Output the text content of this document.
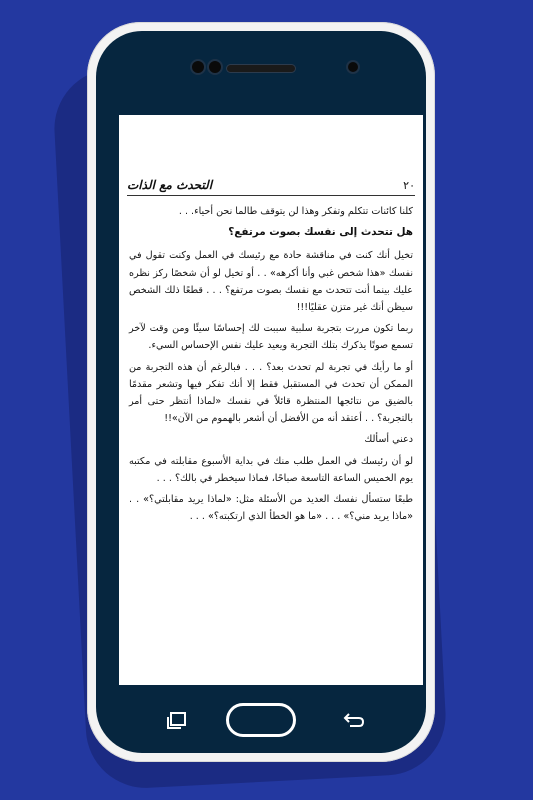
٢٠
التحدث مع الذات

كلنا كائنات تتكلم وتفكر وهذا لن يتوقف طالما نحن أحياء. . .

هل تتحدث إلى نفسك بصوت مرتفع؟

تخيل أنك كنت في مناقشة حادة مع رئيسك في العمل وكنت تقول في نفسك «هذا شخص غبي وأنا أكرهه» . . أو تخيل لو أن شخصًا ركز نظره عليك بينما أنت تتحدث مع نفسك بصوت مرتفع؟ . . . قطعًا ذلك الشخص سيظن أنك غير متزن عقليًا!!!

ربما تكون مررت بتجربة سلبية سببت لك إحساسًا سيئًا ومن وقت لآخر تسمع صوتًا يذكرك بتلك التجربة ويعيد عليك نفس الإحساس السيء.

أو ما رأيك في تجربة لم تحدث بعد؟ . . . فبالرغم أن هذه التجربة من الممكن أن تحدث في المستقبل فقط إلا أنك تفكر فيها وتشعر مقدمًا بالضيق من نتائجها المنتظرة قائلاً في نفسك «لماذا أنتظر حتى أمر بالتجربة؟ . . أعتقد أنه من الأفضل أن أشعر بالهموم من الآن»!!

دعني أسألك

لو أن رئيسك في العمل طلب منك في بداية الأسبوع مقابلته في مكتبه يوم الخميس الساعة التاسعة صباحًا، فماذا سيخطر في بالك؟ . . .

طبعًا ستسأل نفسك العديد من الأسئلة مثل: «لماذا يريد مقابلتي؟» . . «ماذا يريد مني؟» . . . «ما هو الخطأ الذي ارتكبته؟» . . .
